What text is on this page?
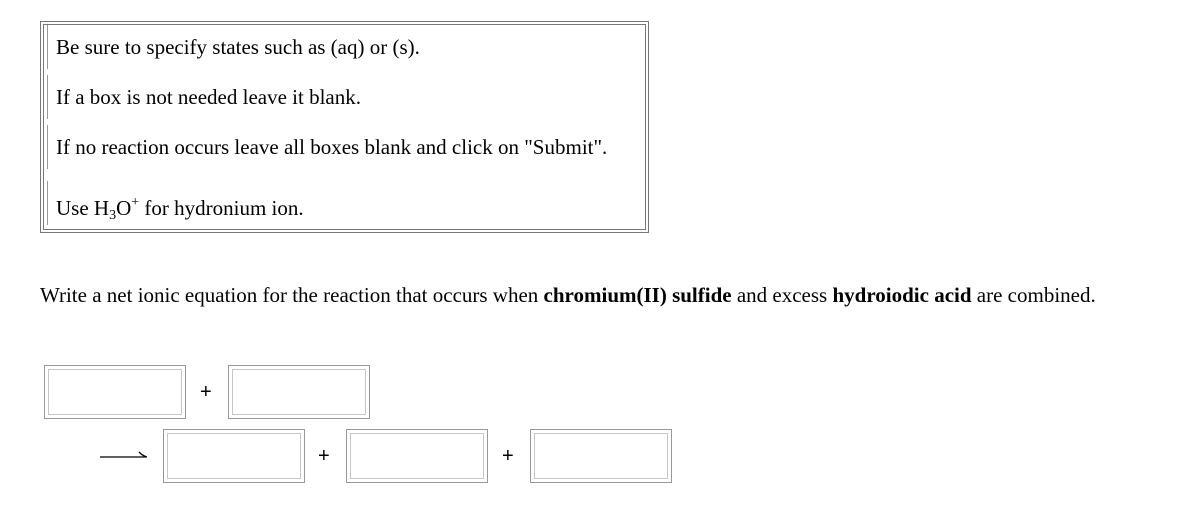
Be sure to specify states such as (aq) or (s).
If a box is not needed leave it blank.
If no reaction occurs leave all boxes blank and click on "Submit".
Use $H_3O^+$ for hydronium ion.
Write a net ionic equation for the reaction that occurs when chromium(II) sulfide and excess hydroiodic acid are combined.
+
+	+
